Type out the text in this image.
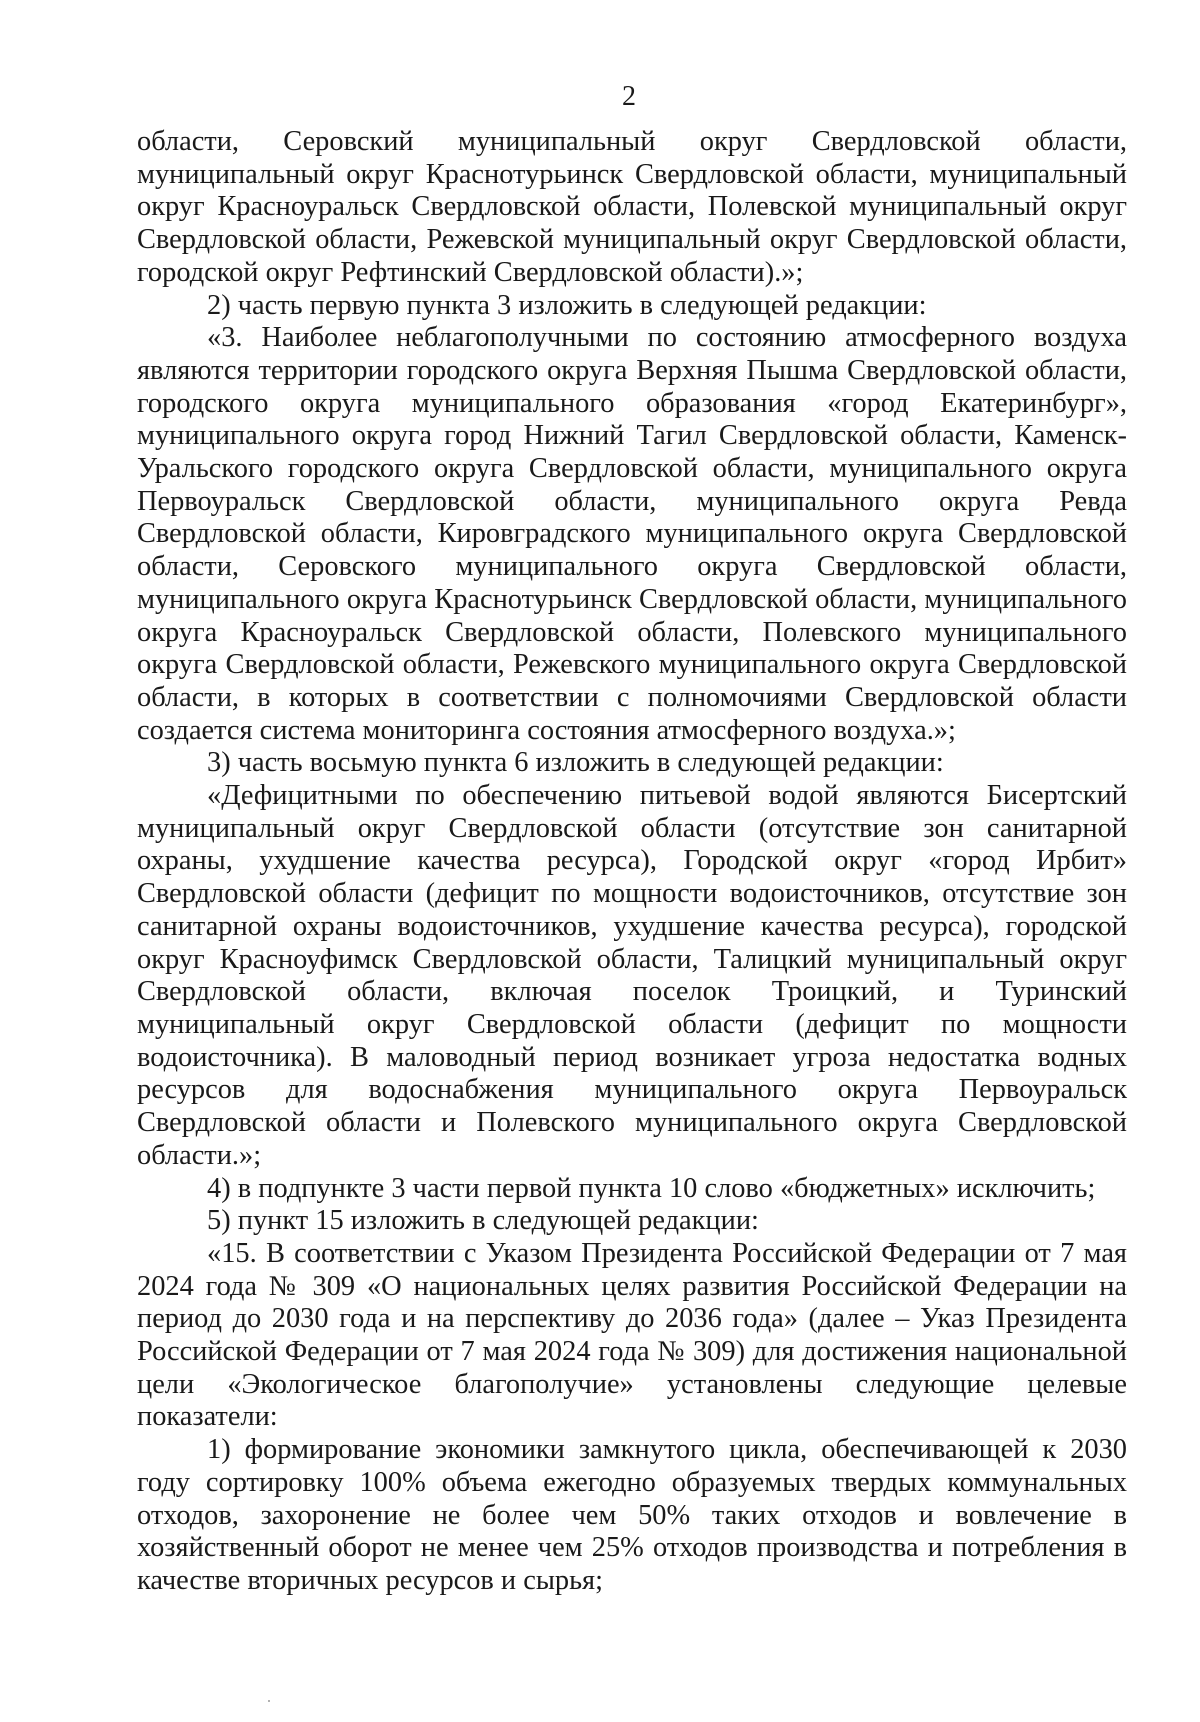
2

области, Серовский муниципальный округ Свердловской области, муниципальный округ Краснотурьинск Свердловской области, муниципальный округ Красноуральск Свердловской области, Полевской муниципальный округ Свердловской области, Режевской муниципальный округ Свердловской области, городской округ Рефтинский Свердловской области).»;

2) часть первую пункта 3 изложить в следующей редакции:

«3. Наиболее неблагополучными по состоянию атмосферного воздуха являются территории городского округа Верхняя Пышма Свердловской области, городского округа муниципального образования «город Екатеринбург», муниципального округа город Нижний Тагил Свердловской области, Каменск-Уральского городского округа Свердловской области, муниципального округа Первоуральск Свердловской области, муниципального округа Ревда Свердловской области, Кировградского муниципального округа Свердловской области, Серовского муниципального округа Свердловской области, муниципального округа Краснотурьинск Свердловской области, муниципального округа Красноуральск Свердловской области, Полевского муниципального округа Свердловской области, Режевского муниципального округа Свердловской области, в которых в соответствии с полномочиями Свердловской области создается система мониторинга состояния атмосферного воздуха.»;

3) часть восьмую пункта 6 изложить в следующей редакции:

«Дефицитными по обеспечению питьевой водой являются Бисертский муниципальный округ Свердловской области (отсутствие зон санитарной охраны, ухудшение качества ресурса), Городской округ «город Ирбит» Свердловской области (дефицит по мощности водоисточников, отсутствие зон санитарной охраны водоисточников, ухудшение качества ресурса), городской округ Красноуфимск Свердловской области, Талицкий муниципальный округ Свердловской области, включая поселок Троицкий, и Туринский муниципальный округ Свердловской области (дефицит по мощности водоисточника). В маловодный период возникает угроза недостатка водных ресурсов для водоснабжения муниципального округа Первоуральск Свердловской области и Полевского муниципального округа Свердловской области.»;

4) в подпункте 3 части первой пункта 10 слово «бюджетных» исключить;

5) пункт 15 изложить в следующей редакции:

«15. В соответствии с Указом Президента Российской Федерации от 7 мая 2024 года № 309 «О национальных целях развития Российской Федерации на период до 2030 года и на перспективу до 2036 года» (далее – Указ Президента Российской Федерации от 7 мая 2024 года № 309) для достижения национальной цели «Экологическое благополучие» установлены следующие целевые показатели:

1) формирование экономики замкнутого цикла, обеспечивающей к 2030 году сортировку 100% объема ежегодно образуемых твердых коммунальных отходов, захоронение не более чем 50% таких отходов и вовлечение в хозяйственный оборот не менее чем 25% отходов производства и потребления в качестве вторичных ресурсов и сырья;
